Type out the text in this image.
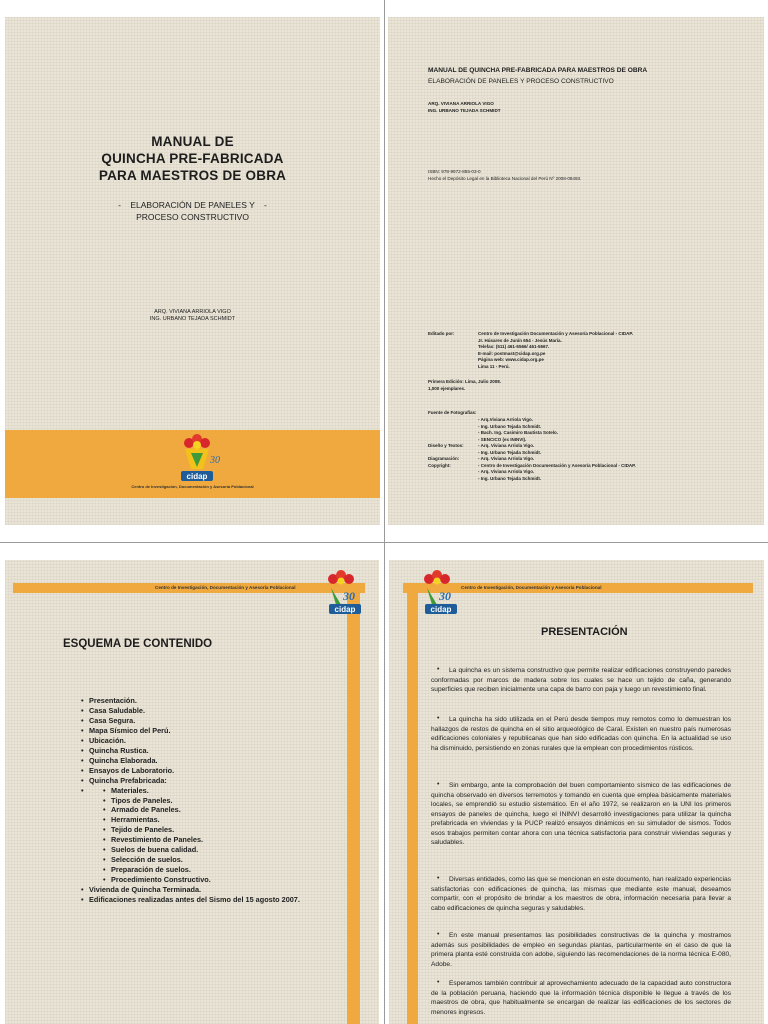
MANUAL DE
QUINCHA PRE-FABRICADA
PARA MAESTROS DE OBRA
-    ELABORACIÓN DE PANELES Y    -
PROCESO CONSTRUCTIVO
ARQ. VIVIANA ARRIOLA VIGO
ING. URBANO TEJADA SCHMIDT
cidap
30
Centro de Investigación, Documentación y Asesoría Poblacional
MANUAL DE QUINCHA PRE-FABRICADA PARA MAESTROS DE OBRA
ELABORACIÓN DE PANELES Y PROCESO CONSTRUCTIVO
ARQ. VIVIANA ARRIOLA VIGO
ING. URBANO TEJADA SCHMIDT
ISBN: 978-9972-855-03-0
Hecho el Depósito Legal en la Biblioteca Nacional del Perú Nº 2008-08493.
Editado por:	Centro de Investigación Documentación y Asesoría Poblacional - CIDAP.
Jr. Húsares de Junín 654 - Jesús María.
Telefax: (511) 461-5566/ 461-5567.
E-mail: postmast@cidap.org.pe
Página web: www.cidap.org.pe
Lima 11 - Perú.
Primera Edición: Lima, Julio 2008.
1,000 ejemplares.
Fuente de Fotografías:
- Arq.Viviana Arriola Vigo.
- Ing. Urbano Tejada Schmidt.
- Bach. Ing. Casimiro Bautista Sotelo.
- SENCICO (ex ININVI).
Diseño y Textos:	- Arq. Viviana Arriola Vigo.
- Ing. Urbano Tejada Schmidt.
Diagramación:	- Arq. Viviana Arriola Vigo.
Copyright:	- Centro de Investigación Documentación y Asesoría Poblacional - CIDAP.
- Arq. Viviana Arriola Vigo.
- Ing. Urbano Tejada Schmidt.
Centro de Investigación, Documentación y Asesoría Poblacional
30
cidap
ESQUEMA DE CONTENIDO
• Presentación.
• Casa Saludable.
• Casa Segura.
• Mapa Sísmico del Perú.
• Ubicación.
• Quincha Rustica.
• Quincha Elaborada.
• Ensayos de Laboratorio.
• Quincha Prefabricada:
• • Materiales.
• Tipos de Paneles.
• Armado de Paneles.
• Herramientas.
• Tejido de Paneles.
• Revestimiento de Paneles.
• Suelos de buena calidad.
• Selección de suelos.
• Preparación de suelos.
• Procedimiento Constructivo.
• Vivienda de Quincha Terminada.
• Edificaciones realizadas antes del Sismo del 15 agosto 2007.
Centro de Investigación, Documentación y Asesoría Poblacional
30
cidap
PRESENTACIÓN
•	La quincha es un sistema constructivo que permite realizar edificaciones construyendo paredes conformadas por marcos de madera sobre los cuales se hace un tejido de caña, generando superficies que reciben inicialmente una capa de barro con paja y luego un revestimiento final.
•	La quincha ha sido utilizada en el Perú desde tiempos muy remotos como lo demuestran los hallazgos de restos de quincha en el sitio arqueológico de Caral. Existen en nuestro país numerosas edificaciones coloniales y republicanas que han sido edificadas con quincha. En la actualidad se uso ha disminuido, persistiendo en zonas rurales que la emplean con procedimientos rústicos.
•	Sin embargo, ante la comprobación del buen comportamiento sísmico de las edificaciones de quincha observado en diversos terremotos y tomando en cuenta que emplea básicamente materiales locales, se emprendió su estudio sistemático. En el año 1972, se realizaron en la UNI los primeros ensayos de paneles de quincha, luego el ININVI desarrolló investigaciones para utilizar la quincha prefabricada en viviendas y la PUCP realizó ensayos dinámicos en su simulador de sismos. Todos esos trabajos permiten contar ahora con una técnica satisfactoria para construir viviendas seguras y saludables.
•	Diversas entidades, como las que se mencionan en este documento, han realizado experiencias satisfactorias con edificaciones de quincha, las mismas que mediante este manual, deseamos compartir, con el propósito de brindar a los maestros de obra, información necesaria para llevar a cabo edificaciones de quincha seguras y saludables.
•	En este manual presentamos las posibilidades constructivas de la quincha y mostramos además sus posibilidades de empleo en segundas plantas, particularmente en el caso de que la primera planta esté construida con adobe, siguiendo las recomendaciones de la norma técnica E-080, Adobe.
•	Esperamos también contribuir al aprovechamiento adecuado de la capacidad auto constructora de la población peruana, haciendo que la información técnica disponible le llegue a través de los maestros de obra, que habitualmente se encargan de realizar las edificaciones de los sectores de menores ingresos.
